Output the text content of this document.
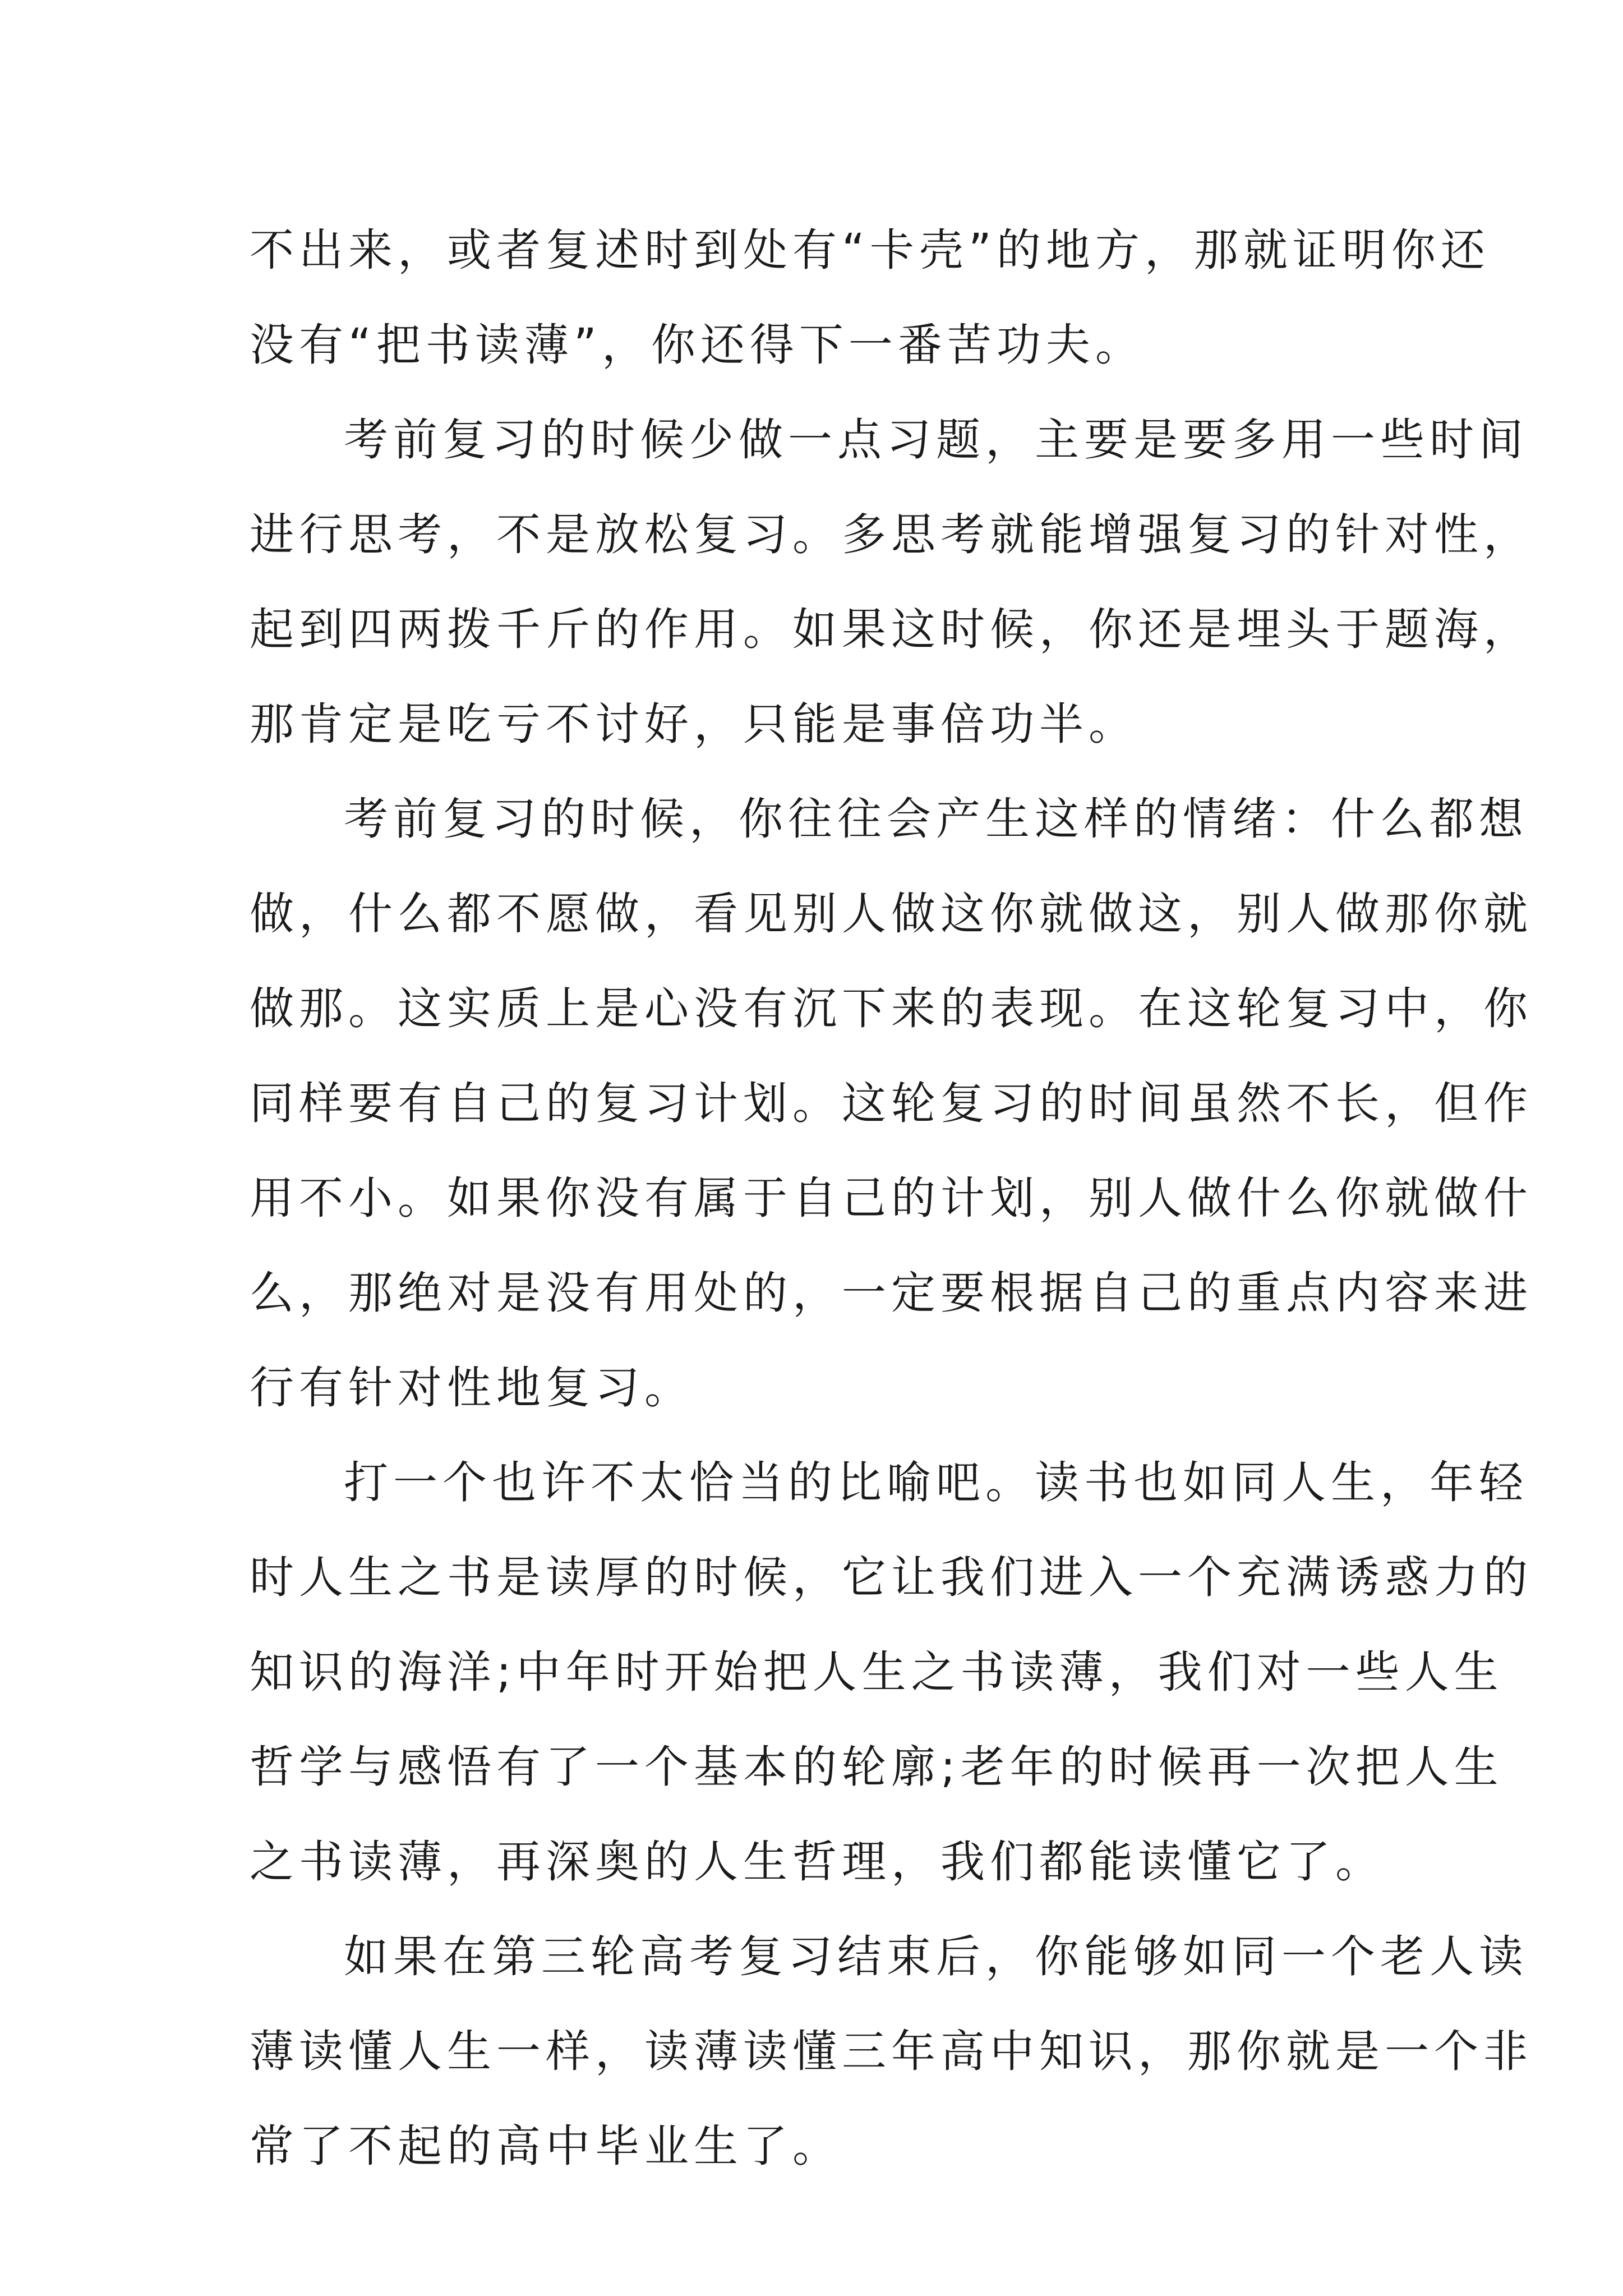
不出来，或者复述时到处有“卡壳”的地方，那就证明你还
没有“把书读薄”，你还得下一番苦功夫。
考前复习的时候少做一点习题，主要是要多用一些时间
进行思考，不是放松复习。多思考就能增强复习的针对性，
起到四两拨千斤的作用。如果这时候，你还是埋头于题海，
那肯定是吃亏不讨好，只能是事倍功半。
考前复习的时候，你往往会产生这样的情绪：什么都想
做，什么都不愿做，看见别人做这你就做这，别人做那你就
做那。这实质上是心没有沉下来的表现。在这轮复习中，你
同样要有自己的复习计划。这轮复习的时间虽然不长，但作
用不小。如果你没有属于自己的计划，别人做什么你就做什
么，那绝对是没有用处的，一定要根据自己的重点内容来进
行有针对性地复习。
打一个也许不太恰当的比喻吧。读书也如同人生，年轻
时人生之书是读厚的时候，它让我们进入一个充满诱惑力的
知识的海洋;中年时开始把人生之书读薄，我们对一些人生
哲学与感悟有了一个基本的轮廓;老年的时候再一次把人生
之书读薄，再深奥的人生哲理，我们都能读懂它了。
如果在第三轮高考复习结束后，你能够如同一个老人读
薄读懂人生一样，读薄读懂三年高中知识，那你就是一个非
常了不起的高中毕业生了。
